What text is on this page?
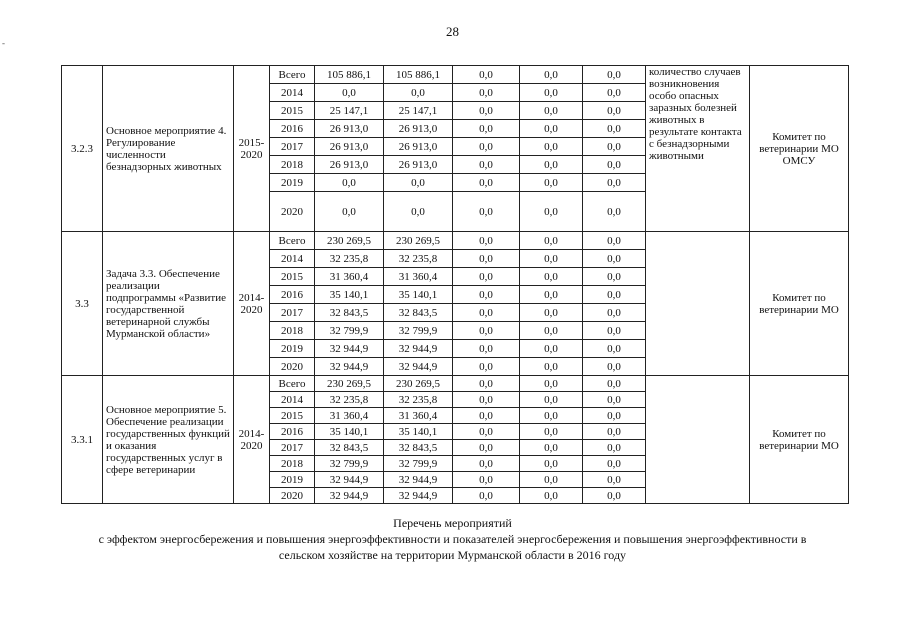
28
-
3.2.3	Основное мероприятие 4. Регулирование численности безнадзорных животных	2015-2020	Всего	105 886,1	105 886,1	0,0	0,0	0,0	количество случаев возникновения особо опасных заразных болезней животных в результате контакта с безнадзорными животными	Комитет по ветеринарии МО ОМСУ
			2014	0,0	0,0	0,0	0,0	0,0		
			2015	25 147,1	25 147,1	0,0	0,0	0,0		
			2016	26 913,0	26 913,0	0,0	0,0	0,0		
			2017	26 913,0	26 913,0	0,0	0,0	0,0		
			2018	26 913,0	26 913,0	0,0	0,0	0,0		
			2019	0,0	0,0	0,0	0,0	0,0		
			2020	0,0	0,0	0,0	0,0	0,0		
3.3	Задача 3.3. Обеспечение реализации подпрограммы «Развитие государственной ветеринарной службы Мурманской области»	2014-2020	Всего	230 269,5	230 269,5	0,0	0,0	0,0		Комитет по ветеринарии МО
			2014	32 235,8	32 235,8	0,0	0,0	0,0		
			2015	31 360,4	31 360,4	0,0	0,0	0,0		
			2016	35 140,1	35 140,1	0,0	0,0	0,0		
			2017	32 843,5	32 843,5	0,0	0,0	0,0		
			2018	32 799,9	32 799,9	0,0	0,0	0,0		
			2019	32 944,9	32 944,9	0,0	0,0	0,0		
			2020	32 944,9	32 944,9	0,0	0,0	0,0		
3.3.1	Основное мероприятие 5. Обеспечение реализации государственных функций и оказания государственных услуг в сфере ветеринарии	2014-2020	Всего	230 269,5	230 269,5	0,0	0,0	0,0		Комитет по ветеринарии МО
			2014	32 235,8	32 235,8	0,0	0,0	0,0		
			2015	31 360,4	31 360,4	0,0	0,0	0,0		
			2016	35 140,1	35 140,1	0,0	0,0	0,0		
			2017	32 843,5	32 843,5	0,0	0,0	0,0		
			2018	32 799,9	32 799,9	0,0	0,0	0,0		
			2019	32 944,9	32 944,9	0,0	0,0	0,0		
			2020	32 944,9	32 944,9	0,0	0,0	0,0		
Перечень мероприятий
с эффектом энергосбережения и повышения энергоэффективности и показателей энергосбережения и повышения энергоэффективности в
сельском хозяйстве на территории Мурманской области в 2016 году
